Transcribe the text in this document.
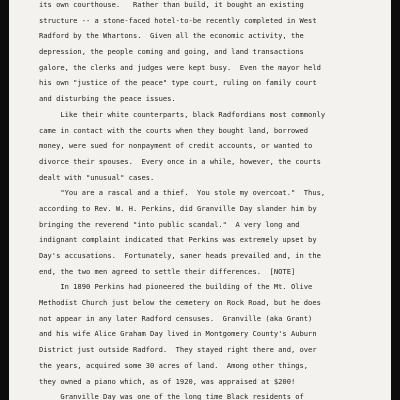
its own courthouse.   Rather than build, it bought an existing
structure -- a stone-faced hotel-to-be recently completed in West
Radford by the Whartons.  Given all the economic activity, the
depression, the people coming and going, and land transactions
galore, the clerks and judges were kept busy.  Even the mayor held
his own "justice of the peace" type court, ruling on family court
and disturbing the peace issues.
Like their white counterparts, black Radfordians most commonly
came in contact with the courts when they bought land, borrowed
money, were sued for nonpayment of credit accounts, or wanted to
divorce their spouses.  Every once in a while, however, the courts
dealt with "unusual" cases.
"You are a rascal and a thief.  You stole my overcoat."  Thus,
according to Rev. W. H. Perkins, did Granville Day slander him by
bringing the reverend "into public scandal."  A very long and
indignant complaint indicated that Perkins was extremely upset by
Day's accusations.  Fortunately, saner heads prevailed and, in the
end, the two men agreed to settle their differences.  [NOTE]
In 1890 Perkins had pioneered the building of the Mt. Olive
Methodist Church just below the cemetery on Rock Road, but he does
not appear in any later Radford censuses.  Granville (aka Grant)
and his wife Alice Graham Day lived in Montgomery County's Auburn
District just outside Radford.  They stayed right there and, over
the years, acquired some 30 acres of land.  Among other things,
they owned a piano which, as of 1920, was appraised at $200!
Granville Day was one of the long time Black residents of
